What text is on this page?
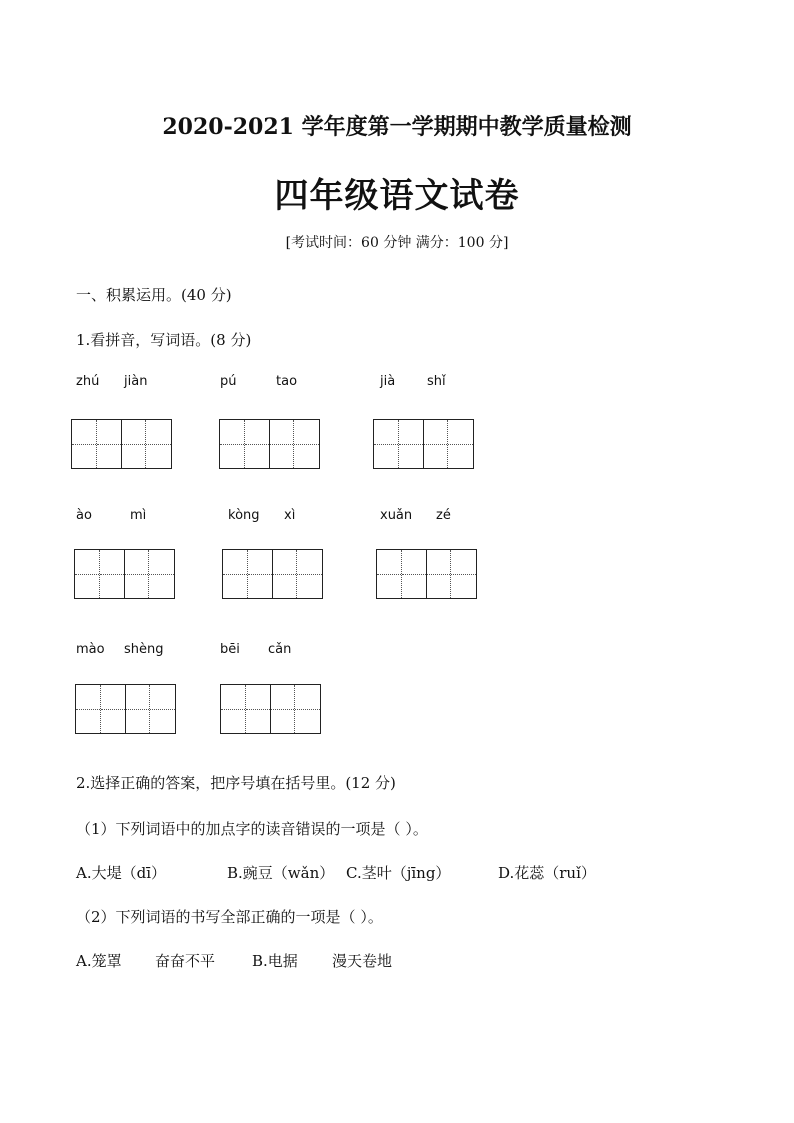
2020-2021 学年度第一学期期中教学质量检测
四年级语文试卷
[考试时间：60 分钟 满分：100 分]
一、积累运用。(40 分)
1.看拼音，写词语。(8 分)
zhú jiàn	pú	tao	jià shǐ
ào	mì	kòng xì	xuǎn zé
mào shèng	bēi cǎn
2.选择正确的答案，把序号填在括号里。(12 分)
（1）下列词语中的加点字的读音错误的一项是（ ）。
A.大堤（dī）	B.豌豆（wǎn） C.茎叶（jīng）	D.花蕊（ruǐ）
（2）下列词语的书写全部正确的一项是（ ）。
A.笼罩 奋奋不平 B.电据 漫天卷地
